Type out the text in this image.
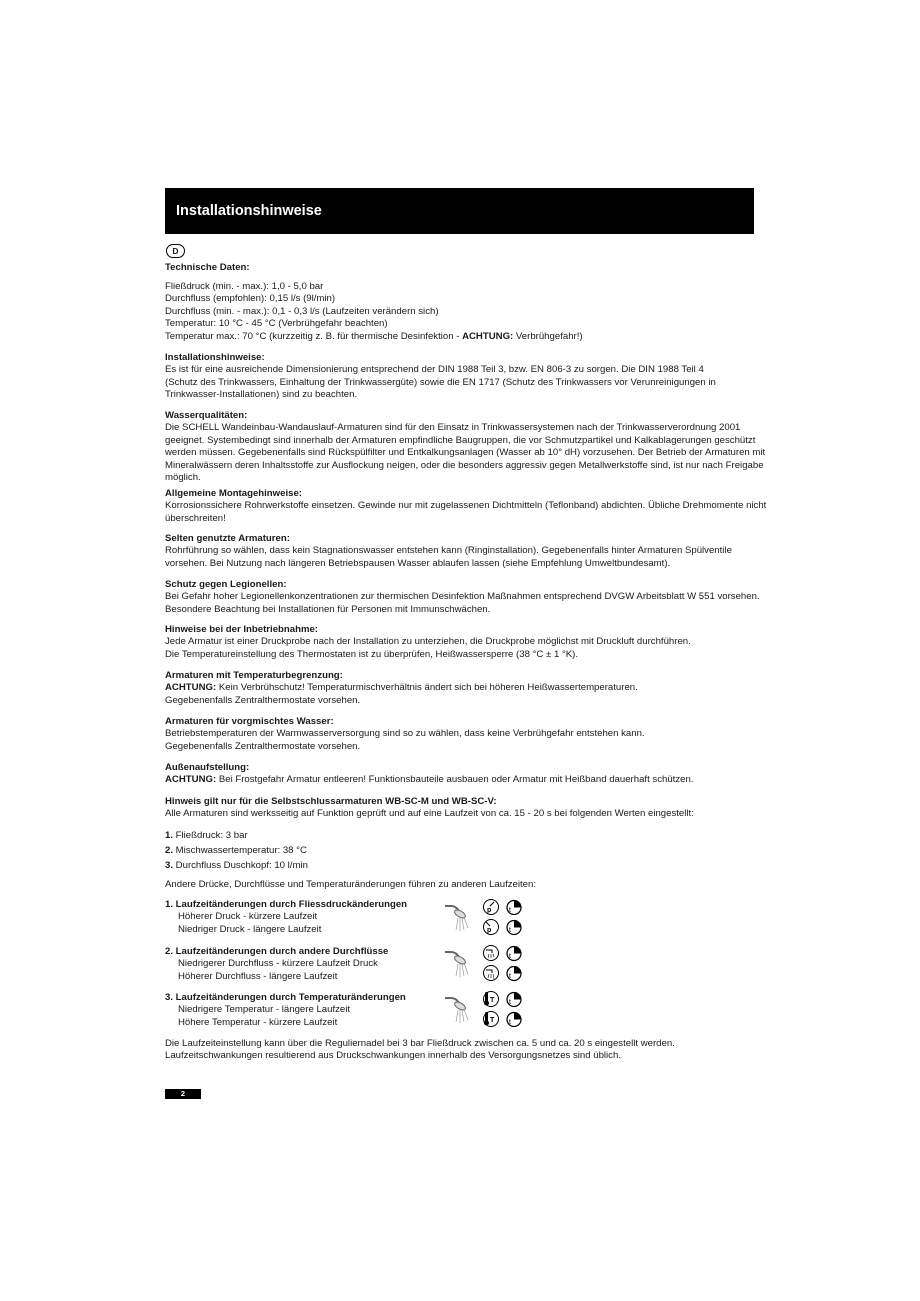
Installationshinweise
D
Technische Daten:
Fließdruck (min. - max.): 1,0 - 5,0 bar
Durchfluss (empfohlen): 0,15 l/s (9l/min)
Durchfluss (min. - max.): 0,1 - 0,3 l/s (Laufzeiten verändern sich)
Temperatur: 10 °C - 45 °C (Verbrühgefahr beachten)
Temperatur max.: 70 °C (kurzzeitig z. B. für thermische Desinfektion - ACHTUNG: Verbrühgefahr!)
Installationshinweise:
Es ist für eine ausreichende Dimensionierung entsprechend der DIN 1988 Teil 3, bzw. EN 806-3 zu sorgen. Die DIN 1988 Teil 4
(Schutz des Trinkwassers, Einhaltung der Trinkwassergüte) sowie die EN 1717 (Schutz des Trinkwassers vor Verunreinigungen in
Trinkwasser-Installationen) sind zu beachten.
Wasserqualitäten:
Die SCHELL Wandeinbau-Wandauslauf-Armaturen sind für den Einsatz in Trinkwassersystemen nach der Trinkwasserverordnung 2001
geeignet. Systembedingt sind innerhalb der Armaturen empfindliche Baugruppen, die vor Schmutzpartikel und Kalkablagerungen geschützt
werden müssen. Gegebenenfalls sind Rückspülfilter und Entkalkungsanlagen (Wasser ab 10° dH) vorzusehen. Der Betrieb der Armaturen mit
Mineralwässern deren Inhaltsstoffe zur Ausflockung neigen, oder die besonders aggressiv gegen Metallwerkstoffe sind, ist nur nach Freigabe
möglich.
Allgemeine Montagehinweise:
Korrosionssichere Rohrwerkstoffe einsetzen. Gewinde nur mit zugelassenen Dichtmitteln (Teflonband) abdichten. Übliche Drehmomente nicht
überschreiten!
Selten genutzte Armaturen:
Rohrführung so wählen, dass kein Stagnationswasser entstehen kann (Ringinstallation). Gegebenenfalls hinter Armaturen Spülventile
vorsehen. Bei Nutzung nach längeren Betriebspausen Wasser ablaufen lassen (siehe Empfehlung Umweltbundesamt).
Schutz gegen Legionellen:
Bei Gefahr hoher Legionellenkonzentrationen zur thermischen Desinfektion Maßnahmen entsprechend DVGW Arbeitsblatt W 551 vorsehen.
Besondere Beachtung bei Installationen für Personen mit Immunschwächen.
Hinweise bei der Inbetriebnahme:
Jede Armatur ist einer Druckprobe nach der Installation zu unterziehen, die Druckprobe möglichst mit Druckluft durchführen.
Die Temperatureinstellung des Thermostaten ist zu überprüfen, Heißwassersperre (38 °C ± 1 °K).
Armaturen mit Temperaturbegrenzung:
ACHTUNG: Kein Verbrühschutz! Temperaturmischverhältnis ändert sich bei höheren Heißwassertemperaturen.
Gegebenenfalls Zentralthermostate vorsehen.
Armaturen für vorgmischtes Wasser:
Betriebstemperaturen der Warmwasserversorgung sind so zu wählen, dass keine Verbrühgefahr entstehen kann.
Gegebenenfalls Zentralthermostate vorsehen.
Außenaufstellung:
ACHTUNG: Bei Frostgefahr Armatur entleeren! Funktionsbauteile ausbauen oder Armatur mit Heißband dauerhaft schützen.
Hinweis gilt nur für die Selbstschlussarmaturen WB-SC-M und WB-SC-V:
Alle Armaturen sind werksseitig auf Funktion geprüft und auf eine Laufzeit von ca. 15 - 20 s bei folgenden Werten eingestellt:
1. Fließdruck: 3 bar
2. Mischwassertemperatur: 38 °C
3. Durchfluss Duschkopf: 10 l/min
Andere Drücke, Durchflüsse und Temperaturänderungen führen zu anderen Laufzeiten:
1. Laufzeitänderungen durch Fliessdruckänderungen
Höherer Druck - kürzere Laufzeit
Niedriger Druck - längere Laufzeit
2. Laufzeitänderungen durch andere Durchflüsse
Niedrigerer Durchfluss - kürzere Laufzeit Druck
Höherer Durchfluss - längere Laufzeit
3. Laufzeitänderungen durch Temperaturänderungen
Niedrigere Temperatur - längere Laufzeit
Höhere Temperatur - kürzere Laufzeit
Die Laufzeiteinstellung kann über die Reguliernadel bei 3 bar Fließdruck zwischen ca. 5 und ca. 20 s eingestellt werden.
Laufzeitschwankungen resultierend aus Druckschwankungen innerhalb des Versorgungsnetzes sind üblich.
p
p
t
t
t
t
T
T
t
t
2
